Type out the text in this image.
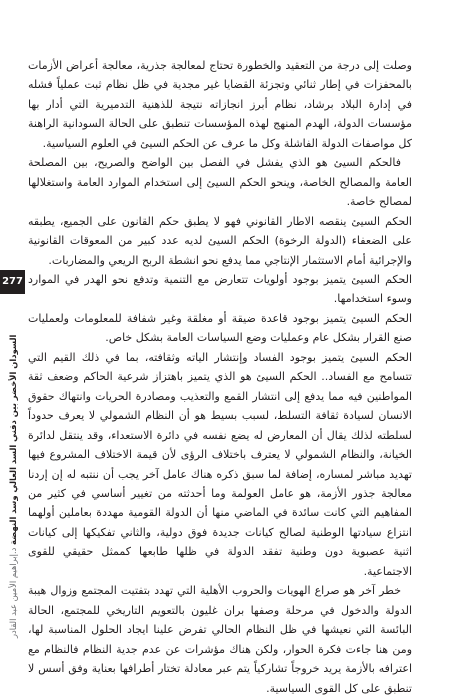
وصلت إلى درجة من التعقيد والخطورة تحتاج لمعالجة جذرية، معالجة أعراض الأزمات بالمحفزات في إطار ثنائي وتجزئة القضايا غير مجدية في ظل نظام ثبت عملياً فشله في إدارة البلاد برشاد، نظام أبرز انجازاته نتيجة للذهنية التدميرية التي أدار بها مؤسسات الدولة، الهدم المنهج لهذه المؤسسات تنطبق على الحالة السودانية الراهنة كل مواصفات الدولة الفاشلة وكل ما عرف عن الحكم السيئ في العلوم السياسية.

فالحكم السيئ هو الذي يفشل في الفصل بين الواضح والصريح، بين المصلحة العامة والمصالح الخاصة، وينحو الحكم السيئ إلى استخدام الموارد العامة واستغلالها لمصالح خاصة.

الحكم السيئ ينقصه الاطار القانوني فهو لا يطبق حكم القانون على الجميع، يطبقه على الضعفاء (الدولة الرخوة) الحكم السيئ لديه عدد كبير من المعوقات القانونية والإجرائية أمام الاستثمار الإنتاجي مما يدفع نحو انشطة الربح الريعي والمضاربات.

الحكم السيئ يتميز بوجود أولويات تتعارض مع التنمية وتدفع نحو الهدر في الموارد وسوء استخدامها.

الحكم السيئ يتميز بوجود قاعدة ضيقة أو مغلقة وغير شفافة للمعلومات ولعمليات صنع القرار بشكل عام وعمليات وضع السياسات العامة بشكل خاص.

الحكم السيئ يتميز بوجود الفساد وإنتشار الياته وثقافته، بما في ذلك القيم التي تتسامح مع الفساد.. الحكم السيئ هو الذي يتميز باهتزاز شرعية الحاكم وضعف ثقة المواطنين فيه مما يدفع إلى انتشار القمع والتعذيب ومصادرة الحريات وانتهاك حقوق الانسان لسيادة ثقافة التسلط، لسبب بسيط هو أن النظام الشمولي لا يعرف حدوداً لسلطته لذلك يقال أن المعارض له يضع نفسه في دائرة الاستعداء، وقد ينتقل لدائرة الخيانة، والنظام الشمولي لا يعترف باختلاف الرؤى لأن قيمة الاختلاف المشروع فيها تهديد مباشر لمساره، إضافة لما سبق ذكره هناك عامل آخر يجب أن ننتبه له إن إردنا معالجة جذور الأزمة، هو عامل العولمة وما أحدثته من تغيير أساسي في كثير من المفاهيم التي كانت سائدة في الماضي منها أن الدولة القومية مهددة بعاملين أولهما انتزاع سيادتها الوطنية لصالح كيانات جديدة فوق دولية، والثاني تفكيكها إلى كيانات اثنية عصبوية دون وطنية تفقد الدولة في ظلها طابعها كممثل حقيقي للقوى الاجتماعية.

خطر آخر هو صراع الهويات والحروب الأهلية التي تهدد بتفتيت المجتمع وزوال هيبة الدولة والدخول في مرحلة وصفها بران غليون بالتعويم التاريخي للمجتمع، الحالة البائسة التي نعيشها في ظل النظام الحالي تفرض علينا ايجاد الحلول المناسبة لها، ومن هنا جاءت فكرة الحوار، ولكن هناك مؤشرات عن عدم جدية النظام فالنظام مع اعترافه بالأزمة يريد خروجاً تشاركياً يتم عبر معادلة تختار أطرافها بعناية وفق أسس لا تنطبق على كل القوى السياسية.

277
السودان الأخضر بين دقني السد العالي وسد النهضة د.إبراهيم الأمين عبد القادر
